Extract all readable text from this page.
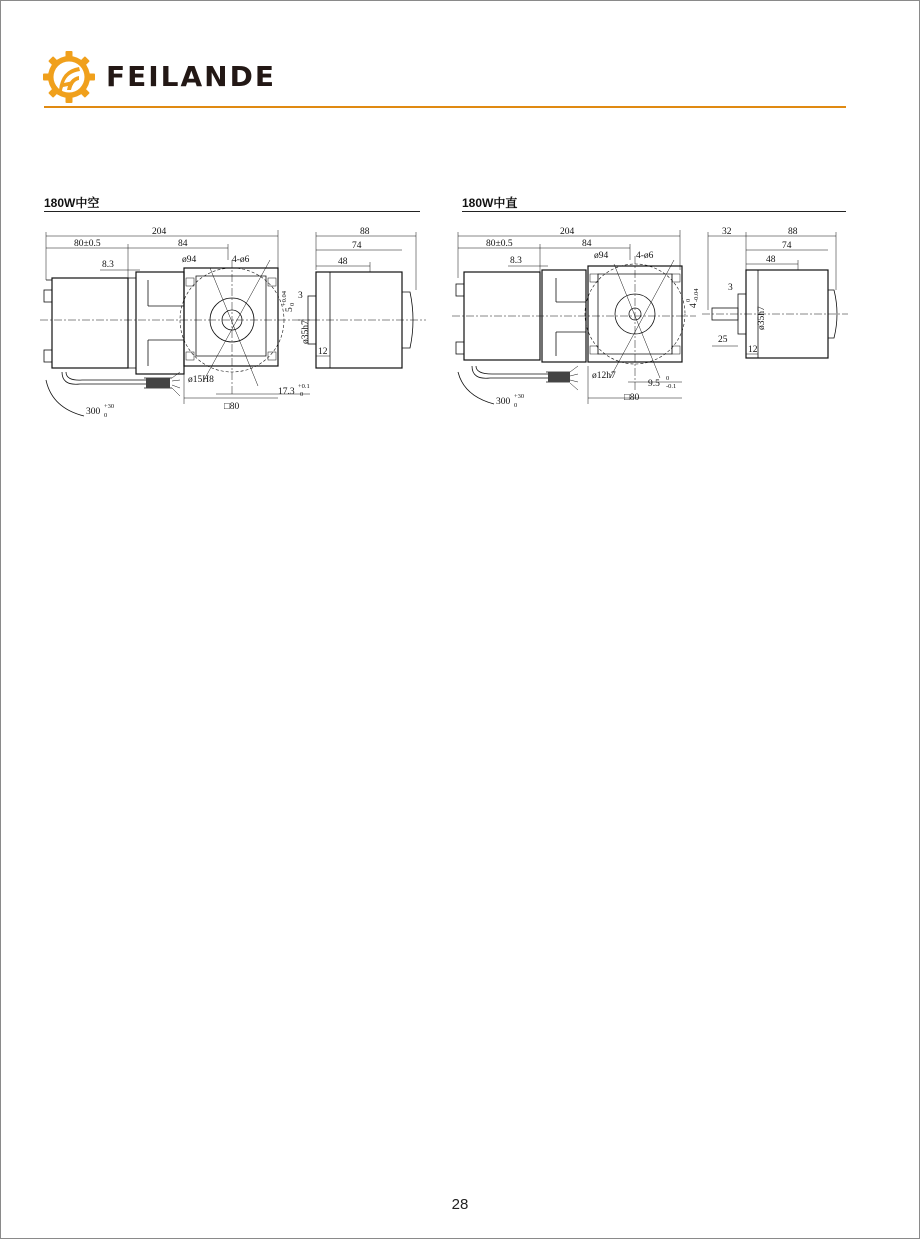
FEILANDE
180W中空
204
80±0.5	84
8.3	ø94	4-ø6
ø15H8
□80
17.3
+0.1
0
5
+0.04 0
300
+30
0
88
74
48
3
ø35h7
12
180W中直
204
80±0.5	84
8.3	ø94	4-ø6
ø12h7
□80
9.5
0
-0.1
4
0 -0.04
300
+30
0
32	88
74
48
3
ø35h7
25
12
28
